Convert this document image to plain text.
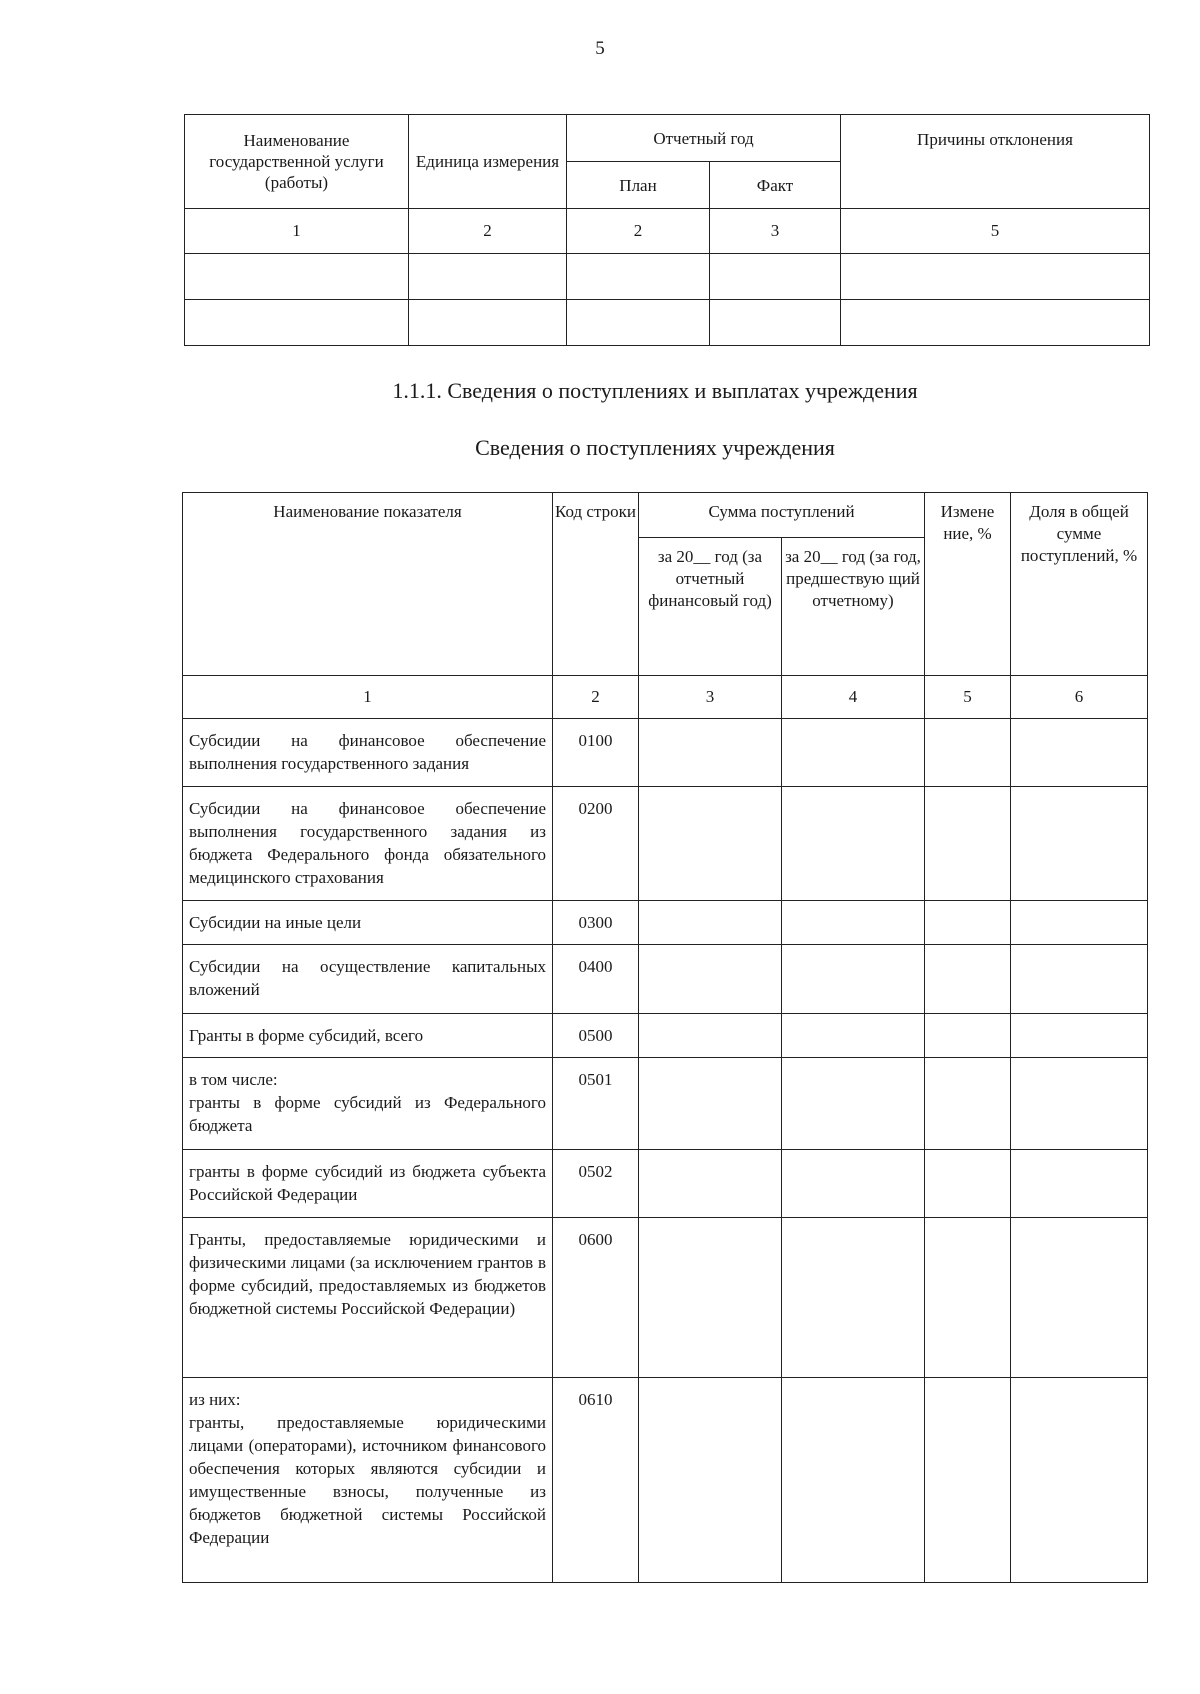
5
Наименование государственной услуги (работы)	Единица измерения	Отчетный год		Причины отклонения
		План	Факт	
1	2	2	3	5

1.1.1. Сведения о поступлениях и выплатах учреждения
Сведения о поступлениях учреждения
Наименование показателя	Код строки	Сумма поступлений		Измене ние, %	Доля в общей сумме поступлений, %
		за 20__ год (за отчетный финансовый год)	за 20__ год (за год, предшествую щий отчетному)		
1	2	3	4	5	6
Субсидии на финансовое обеспечение выполнения государственного задания	0100				
Субсидии на финансовое обеспечение выполнения государственного задания из бюджета Федерального фонда обязательного медицинского страхования	0200				
Субсидии на иные цели	0300				
Субсидии на осуществление капитальных вложений	0400				
Гранты в форме субсидий, всего	0500				

в том числе:
гранты в форме субсидий из Федерального бюджета	0501				
гранты в форме субсидий из бюджета субъекта Российской Федерации	0502				
Гранты, предоставляемые юридическими и физическими лицами (за исключением грантов в форме субсидий, предоставляемых из бюджетов бюджетной системы Российской Федерации)	0600				

из них:
гранты, предоставляемые юридическими лицами (операторами), источником финансового обеспечения которых являются субсидии и имущественные взносы, полученные из бюджетов бюджетной системы Российской Федерации	0610				
